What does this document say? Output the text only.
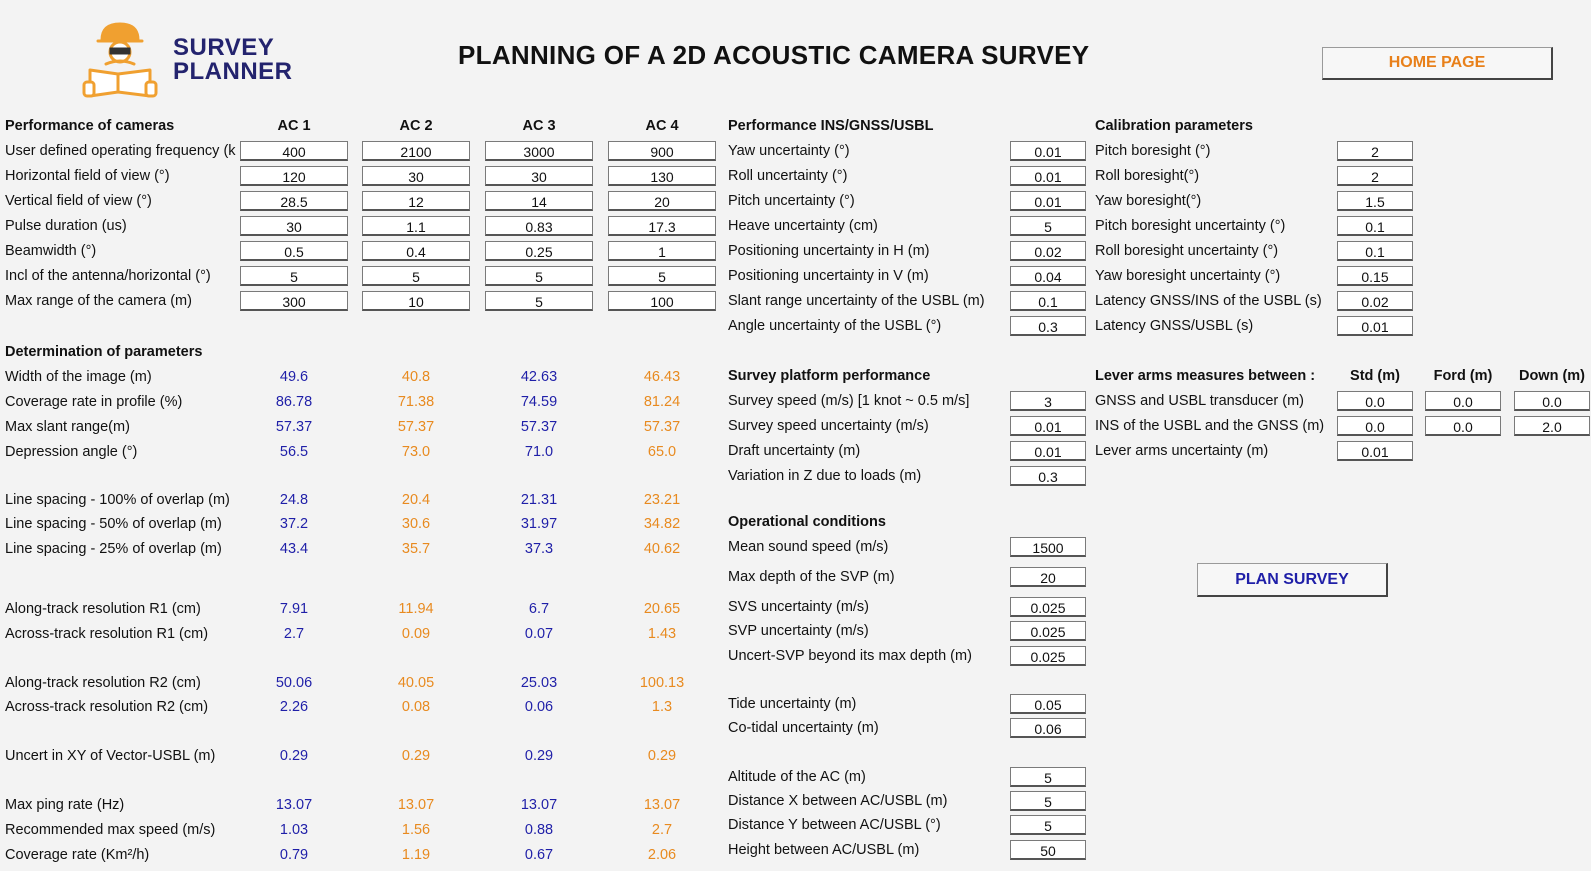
SURVEY
PLANNER
PLANNING OF A 2D ACOUSTIC CAMERA SURVEY	HOME PAGE
Performance of cameras	AC 1	AC 2	AC 3	AC 4
User defined operating frequency (k	400	2100	3000	900
Horizontal field of view (°)	120	30	30	130
Vertical field of view (°)	28.5	12	14	20
Pulse duration (us)	30	1.1	0.83	17.3
Beamwidth (°)	0.5	0.4	0.25	1
Incl of the antenna/horizontal (°)	5	5	5	5
Max range of the camera (m)	300	10	5	100
Determination of parameters
Width of the image (m)	49.6	40.8	42.63	46.43
Coverage rate in profile (%)	86.78	71.38	74.59	81.24
Max slant range(m)	57.37	57.37	57.37	57.37
Depression angle (°)	56.5	73.0	71.0	65.0
Line spacing - 100% of overlap (m)	24.8	20.4	21.31	23.21
Line spacing - 50% of overlap (m)	37.2	30.6	31.97	34.82
Line spacing - 25% of overlap (m)	43.4	35.7	37.3	40.62
Along-track resolution R1 (cm)	7.91	11.94	6.7	20.65
Across-track resolution R1 (cm)	2.7	0.09	0.07	1.43
Along-track resolution R2 (cm)	50.06	40.05	25.03	100.13
Across-track resolution R2 (cm)	2.26	0.08	0.06	1.3
Uncert in XY of Vector-USBL (m)	0.29	0.29	0.29	0.29
Max ping rate (Hz)	13.07	13.07	13.07	13.07
Recommended max speed (m/s)	1.03	1.56	0.88	2.7
Coverage rate (Km²/h)	0.79	1.19	0.67	2.06
Performance INS/GNSS/USBL
Yaw uncertainty (°)	0.01
Roll uncertainty (°)	0.01
Pitch uncertainty (°)	0.01
Heave uncertainty (cm)	5
Positioning uncertainty in H (m)	0.02
Positioning uncertainty in V (m)	0.04
Slant range uncertainty of the USBL (m)	0.1
Angle uncertainty of the USBL (°)	0.3
Survey platform performance
Survey speed (m/s) [1 knot ~ 0.5 m/s]	3
Survey speed uncertainty (m/s)	0.01
Draft uncertainty (m)	0.01
Variation in Z due to loads (m)	0.3
Operational conditions
Mean sound speed (m/s)	1500
Max depth of the SVP (m)	20
SVS uncertainty (m/s)	0.025
SVP uncertainty (m/s)	0.025
Uncert-SVP beyond its max depth (m)	0.025
Tide uncertainty (m)	0.05
Co-tidal uncertainty (m)	0.06
Altitude of the AC (m)	5
Distance X between AC/USBL (m)	5
Distance Y between AC/USBL (°)	5
Height between AC/USBL (m)	50
Calibration parameters
Pitch boresight (°)	2
Roll boresight(°)	2
Yaw boresight(°)	1.5
Pitch boresight uncertainty (°)	0.1
Roll boresight uncertainty (°)	0.1
Yaw boresight uncertainty (°)	0.15
Latency GNSS/INS of the USBL (s)	0.02
Latency GNSS/USBL (s)	0.01
Lever arms measures between :	Std (m)	Ford (m)	Down (m)
GNSS and USBL transducer (m)	0.0	0.0	0.0
INS of the USBL and the GNSS (m)	0.0	0.0	2.0
Lever arms uncertainty (m)	0.01
PLAN SURVEY
